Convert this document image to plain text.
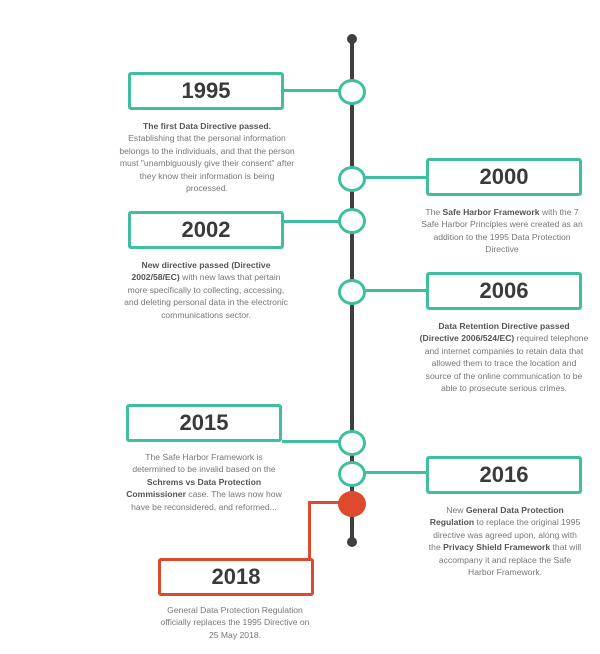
1995
2000
2002
2006
2015
2016
2018
The first Data Directive passed. Establishing that the personal information belongs to the individuals, and that the person must "unambiguously give their consent" after they know their information is being processed.
The Safe Harbor Framework with the 7 Safe Harbor Principles were created as an addition to the 1995 Data Protection Directive
New directive passed (Directive 2002/58/EC) with new laws that pertain more specifically to collecting, accessing, and deleting personal data in the electronic communications sector.
Data Retention Directive passed (Directive 2006/524/EC) required telephone and internet companies to retain data that allowed them to trace the location and source of the online communication to be able to prosecute serious crimes.
The Safe Harbor Framework is determined to be invalid based on the Schrems vs Data Protection Commissioner case. The laws now how have be reconsidered, and reformed...	New General Data Protection Regulation to replace the original 1995 directive was agreed upon, along with the Privacy Shield Framework that will accompany it and replace the Safe Harbor Framework.
General Data Protection Regulation officially replaces the 1995 Directive on 25 May 2018.
